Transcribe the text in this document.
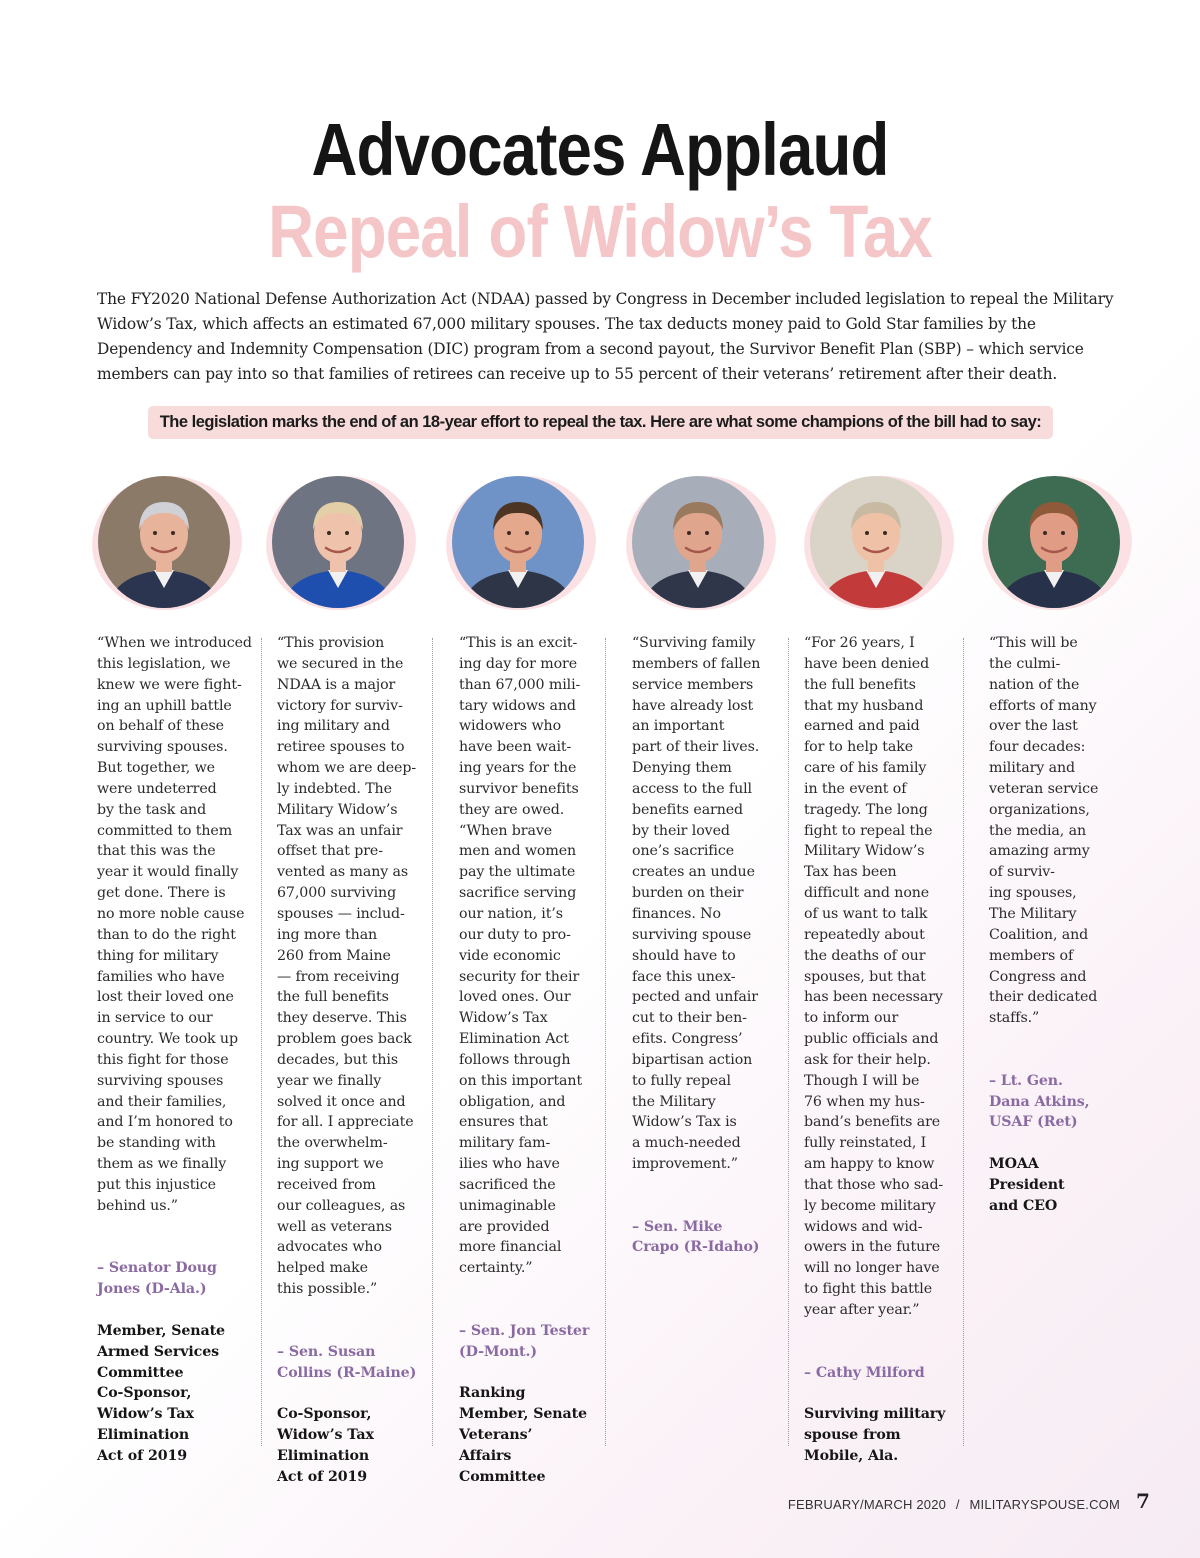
Advocates Applaud
Repeal of Widow’s Tax
The FY2020 National Defense Authorization Act (NDAA) passed by Congress in December included legislation to repeal the Military Widow’s Tax, which affects an estimated 67,000 military spouses. The tax deducts money paid to Gold Star families by the Dependency and Indemnity Compensation (DIC) program from a second payout, the Survivor Benefit Plan (SBP) – which service members can pay into so that families of retirees can receive up to 55 percent of their veterans’ retirement after their death.
The legislation marks the end of an 18-year effort to repeal the tax. Here are what some champions of the bill had to say:
“When we introduced
this legislation, we
knew we were fight-
ing an uphill battle
on behalf of these
surviving spouses.
But together, we
were undeterred
by the task and
committed to them
that this was the
year it would finally
get done. There is
no more noble cause
than to do the right
thing for military
families who have
lost their loved one
in service to our
country. We took up
this fight for those
surviving spouses
and their families,
and I’m honored to
be standing with
them as we finally
put this injustice
behind us.”

– Senator Doug
Jones (D-Ala.)

Member, Senate
Armed Services
Committee
Co-Sponsor,
Widow’s Tax
Elimination
Act of 2019

“This provision
we secured in the
NDAA is a major
victory for surviv-
ing military and
retiree spouses to
whom we are deep-
ly indebted. The
Military Widow’s
Tax was an unfair
offset that pre-
vented as many as
67,000 surviving
spouses — includ-
ing more than
260 from Maine
— from receiving
the full benefits
they deserve. This
problem goes back
decades, but this
year we finally
solved it once and
for all. I appreciate
the overwhelm-
ing support we
received from
our colleagues, as
well as veterans
advocates who
helped make
this possible.”

– Sen. Susan
Collins (R-Maine)

Co-Sponsor,
Widow’s Tax
Elimination
Act of 2019

“This is an excit-
ing day for more
than 67,000 mili-
tary widows and
widowers who
have been wait-
ing years for the
survivor benefits
they are owed.
“When brave
men and women
pay the ultimate
sacrifice serving
our nation, it’s
our duty to pro-
vide economic
security for their
loved ones. Our
Widow’s Tax
Elimination Act
follows through
on this important
obligation, and
ensures that
military fam-
ilies who have
sacrificed the
unimaginable
are provided
more financial
certainty.”

– Sen. Jon Tester
(D-Mont.)

Ranking
Member, Senate
Veterans’
Affairs
Committee

“Surviving family
members of fallen
service members
have already lost
an important
part of their lives.
Denying them
access to the full
benefits earned
by their loved
one’s sacrifice
creates an undue
burden on their
finances. No
surviving spouse
should have to
face this unex-
pected and unfair
cut to their ben-
efits. Congress’
bipartisan action
to fully repeal
the Military
Widow’s Tax is
a much-needed
improvement.”

– Sen. Mike
Crapo (R-Idaho)

“For 26 years, I
have been denied
the full benefits
that my husband
earned and paid
for to help take
care of his family
in the event of
tragedy. The long
fight to repeal the
Military Widow’s
Tax has been
difficult and none
of us want to talk
repeatedly about
the deaths of our
spouses, but that
has been necessary
to inform our
public officials and
ask for their help.
Though I will be
76 when my hus-
band’s benefits are
fully reinstated, I
am happy to know
that those who sad-
ly become military
widows and wid-
owers in the future
will no longer have
to fight this battle
year after year.”

– Cathy Milford

Surviving military
spouse from
Mobile, Ala.

“This will be
the culmi-
nation of the
efforts of many
over the last
four decades:
military and
veteran service
organizations,
the media, an
amazing army
of surviv-
ing spouses,
The Military
Coalition, and
members of
Congress and
their dedicated
staffs.”

– Lt. Gen.
Dana Atkins,
USAF (Ret)

MOAA
President
and CEO

FEBRUARY/MARCH 2020 / MILITARYSPOUSE.COM 7
